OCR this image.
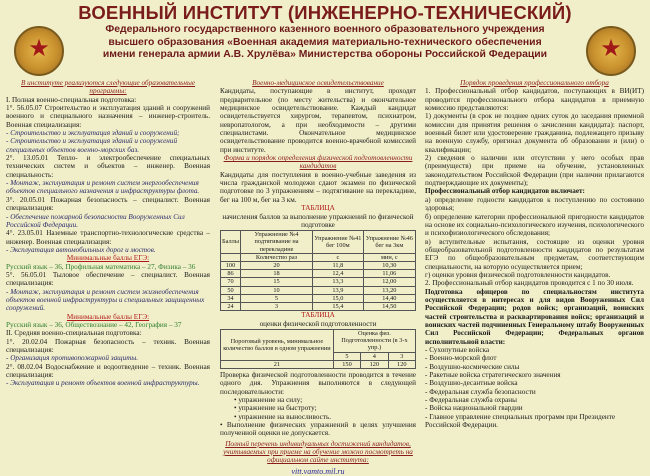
★	★
ВОЕННЫЙ ИНСТИТУТ (ИНЖЕНЕРНО-ТЕХНИЧЕСКИЙ)
Федерального государственного казенного военного образовательного учреждения
высшего образования «Военная академия материально-технического обеспечения
имени генерала армии А.В. Хрулёва» Министерства обороны Российской Федерации
В институте реализуются следующие образовательные программы:
I. Полная военно-специальная подготовка:
1°. 56.05.07 Строительство и эксплуатация зданий и сооружений военного и специального назначения – инженер-строитель. Военная специализация:
- Строительство и эксплуатация зданий и сооружений;
- Строительство и эксплуатация зданий и сооружений специальных объектов военно-морских баз.
2°. 13.05.01 Тепло- и электрообеспечение специальных технических систем и объектов – инженер. Военная специальность:
- Монтаж, эксплуатация и ремонт систем энергообеспечения объектов специального назначения и инфраструктуры флота.
3°. 20.05.01 Пожарная безопасность – специалист. Военная специализация:
- Обеспечение пожарной безопасности Вооруженных Сил Российской Федерации.
4°. 23.05.01 Наземные транспортно-технологические средства – инженер. Военная специализация:
- Эксплуатация автомобильных дорог и мостов.
Минимальные баллы ЕГЭ:
Русский язык – 36, Профильная математика – 27, Физика – 36
5°. 56.05.01 Тыловое обеспечение – специалист. Военная специализация:
- Монтаж, эксплуатация и ремонт систем жизнеобеспечения объектов военной инфраструктуры и специальных защищенных сооружений.
Минимальные баллы ЕГЭ:
Русский язык – 36, Обществознание – 42, География – 37
II. Средняя военно-специальная подготовка:
1°. 20.02.04 Пожарная безопасность – техник. Военная специализация:
- Организация противопожарной защиты.
2°. 08.02.04 Водоснабжение и водоотведение – техник. Военная специализация:
- Эксплуатация и ремонт объектов военной инфраструктуры.
Военно-медицинское освидетельствование
Кандидаты, поступающие в институт, проходят предварительное (по месту жительства) и окончательное медицинское освидетельствование. Каждый кандидат освидетельствуется хирургом, терапевтом, психиатром, невропатологом, а при необходимости – другими специалистами. Окончательное медицинское освидетельствование проводится военно-врачебной комиссией при институте.
Форма и порядок определения физической подготовленности кандидатов
Кандидаты для поступления в военно-учебные заведения из числа гражданской молодежи сдают экзамен по физической подготовке по 3 упражнениям – подтягивание на перекладине, бег на 100 м, бег на 3 км.
ТАБЛИЦА
начисления баллов за выполнение упражнений по физической подготовке
Баллы	Упражнение №4 подтягивание на перекладине	Упражнение №41 бег 100м	Упражнение №46 бег на 3км
	Количество раз	с	мин, с
100	20	11,8	10,30
86	18	12,4	11,06
70	15	13,3	12,00
50	10	13,9	13,20
34	5	15,0	14,40
24	3	15,4	14,50
ТАБЛИЦА
оценки физической подготовленности
Пороговый уровень, минимальное количество баллов в одном упражнении	Оценка физ. Подготовленности (в 3-х упр.)		
	5	4	3
21	150	120	120
Проверка физической подготовленности проводится в течение одного дня. Упражнения выполняются в следующей последовательности:
• упражнение на силу;
• упражнение на быстроту;
• упражнение на выносливость.
• Выполнение физических упражнений в целях улучшения полученной оценки не допускается.
Полный перечень индивидуальных достижений кандидатов, учитываемых при приеме на обучение можно посмотреть на официальном сайте института:
vitt.vamto.mil.ru
Порядок проведения профессионального отбора
1. Профессиональный отбор кандидатов, поступающих в ВИ(ИТ) проводится профессионального отбора кандидатов в приемную комиссию представляются:
1) документы (в срок не позднее одних суток до заседания приемной комиссии для принятия решения о зачислении кандидата): паспорт, военный билет или удостоверение гражданина, подлежащего призыву на военную службу, оригинал документа об образовании и (или) о квалификации;
2) сведения о наличии или отсутствии у него особых прав (преимуществ) при приеме на обучение, установленных законодательством Российской Федерации (при наличии прилагаются подтверждающие их документы);
Профессиональный отбор кандидатов включает:
а) определение годности кандидатов к поступлению по состоянию здоровья;
б) определение категории профессиональной пригодности кандидатов на основе их социально-психологического изучения, психологического и психофизиологического обследования;
в) вступительные испытания, состоящие из оценки уровня общеобразовательной подготовленности кандидатов по результатам ЕГЭ по общеобразовательным предметам, соответствующим специальности, на которую осуществляется прием;
г) оценки уровня физической подготовленности кандидатов.
2. Профессиональный отбор кандидатов проводится с 1 по 30 июля.
Подготовка офицеров по специальностям института осуществляется в интересах и для видов Вооруженных Сил Российской Федерации; родов войск; организаций, воинских частей строительства и расквартирования войск; организаций и воинских частей подчиненных Генеральному штабу Вооруженных Сил Российской Федерации; Федеральных органов исполнительной власти:
- Сухопутные войска
- Военно-морской флот
- Воздушно-космические силы
- Ракетные войска стратегического значения
- Воздушно-десантные войска
- Федеральная служба безопасности
- Федеральная служба охраны
- Войска национальной гвардии
- Главное управление специальных программ при Президенте Российской Федерации.
